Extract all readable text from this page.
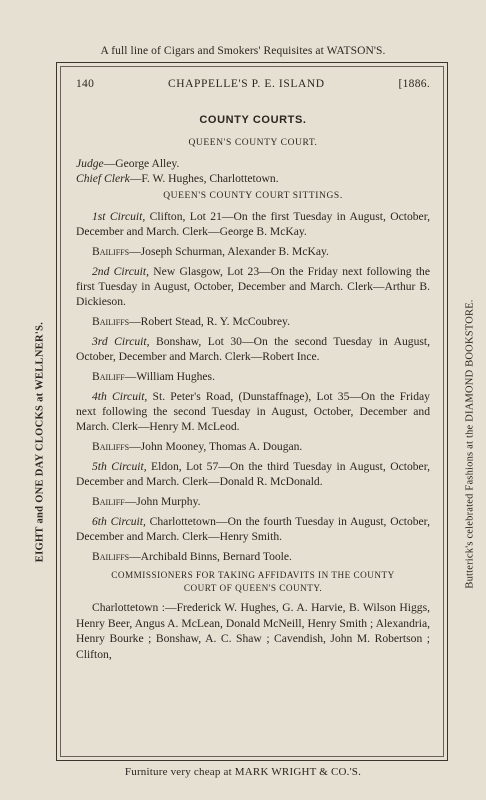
A full line of Cigars and Smokers' Requisites at WATSON'S.
EIGHT and ONE DAY CLOCKS at WELLNER'S.	Butterick's celebrated Fashions at the DIAMOND BOOKSTORE.
Furniture very cheap at MARK WRIGHT & CO.'S.
140	CHAPPELLE'S P. E. ISLAND	[1886.
COUNTY COURTS.
QUEEN'S COUNTY COURT.
Judge—George Alley.
Chief Clerk—F. W. Hughes, Charlottetown.
QUEEN'S COUNTY COURT SITTINGS.

1st Circuit, Clifton, Lot 21—On the first Tuesday in August, October, December and March. Clerk—George B. McKay.

Bailiffs—Joseph Schurman, Alexander B. McKay.

2nd Circuit, New Glasgow, Lot 23—On the Friday next following the first Tuesday in August, October, December and March. Clerk—Arthur B. Dickieson.

Bailiffs—Robert Stead, R. Y. McCoubrey.

3rd Circuit, Bonshaw, Lot 30—On the second Tuesday in August, October, December and March. Clerk—Robert Ince.

Bailiff—William Hughes.

4th Circuit, St. Peter's Road, (Dunstaffnage), Lot 35—On the Friday next following the second Tuesday in August, October, December and March. Clerk—Henry M. McLeod.

Bailiffs—John Mooney, Thomas A. Dougan.

5th Circuit, Eldon, Lot 57—On the third Tuesday in August, October, December and March. Clerk—Donald R. McDonald.

Bailiff—John Murphy.

6th Circuit, Charlottetown—On the fourth Tuesday in August, October, December and March. Clerk—Henry Smith.

Bailiffs—Archibald Binns, Bernard Toole.

COMMISSIONERS FOR TAKING AFFIDAVITS IN THE COUNTY
COURT OF QUEEN'S COUNTY.

Charlottetown :—Frederick W. Hughes, G. A. Harvie, B. Wilson Higgs, Henry Beer, Angus A. McLean, Donald McNeill, Henry Smith ; Alexandria, Henry Bourke ; Bonshaw, A. C. Shaw ; Cavendish, John M. Robertson ; Clifton,
